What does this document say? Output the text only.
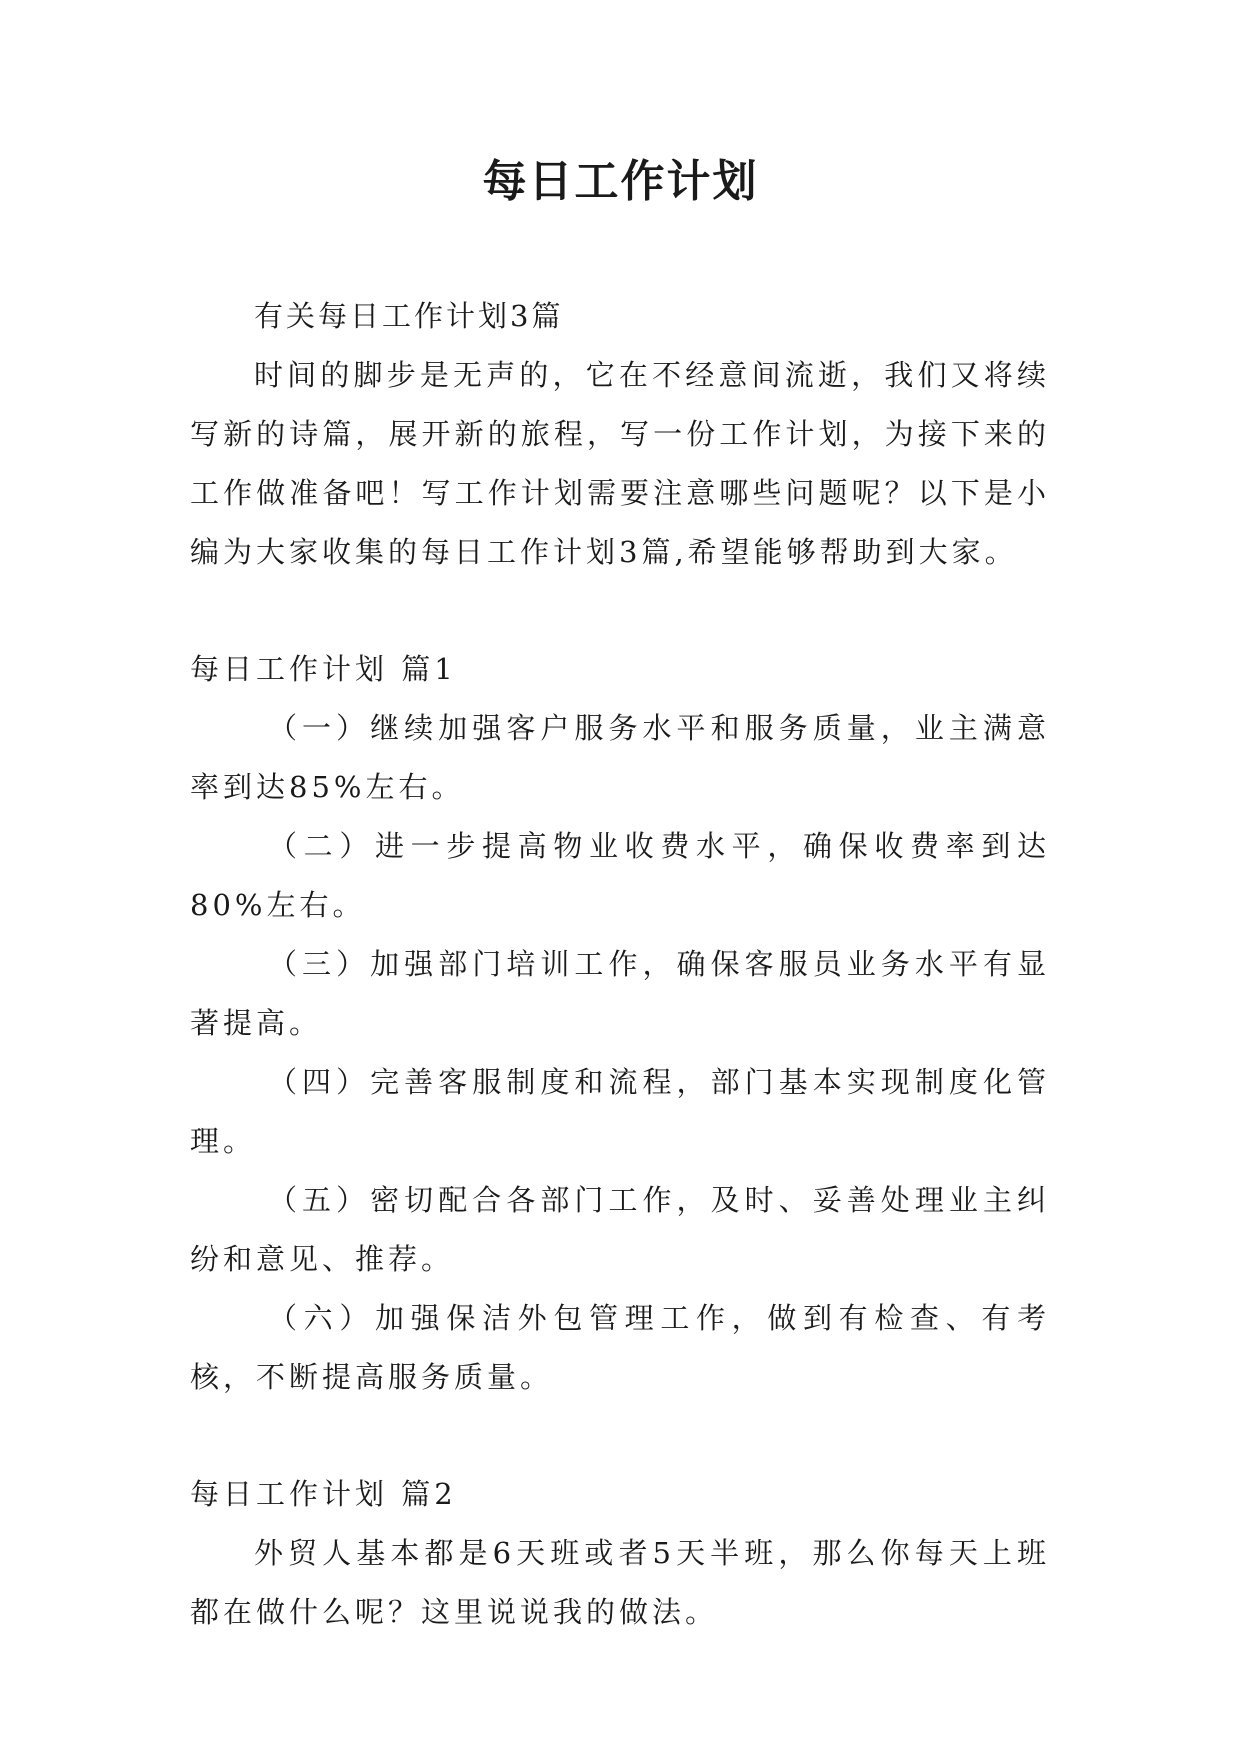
每日工作计划

有关每日工作计划3篇

时间的脚步是无声的，它在不经意间流逝，我们又将续写新的诗篇，展开新的旅程，写一份工作计划，为接下来的工作做准备吧！写工作计划需要注意哪些问题呢？以下是小编为大家收集的每日工作计划3篇,希望能够帮助到大家。

每日工作计划 篇1

（一）继续加强客户服务水平和服务质量，业主满意率到达85%左右。

（二）进一步提高物业收费水平，确保收费率到达80%左右。

（三）加强部门培训工作，确保客服员业务水平有显著提高。

（四）完善客服制度和流程，部门基本实现制度化管理。

（五）密切配合各部门工作，及时、妥善处理业主纠纷和意见、推荐。

（六）加强保洁外包管理工作，做到有检查、有考核，不断提高服务质量。

每日工作计划 篇2

外贸人基本都是6天班或者5天半班，那么你每天上班都在做什么呢？这里说说我的做法。
